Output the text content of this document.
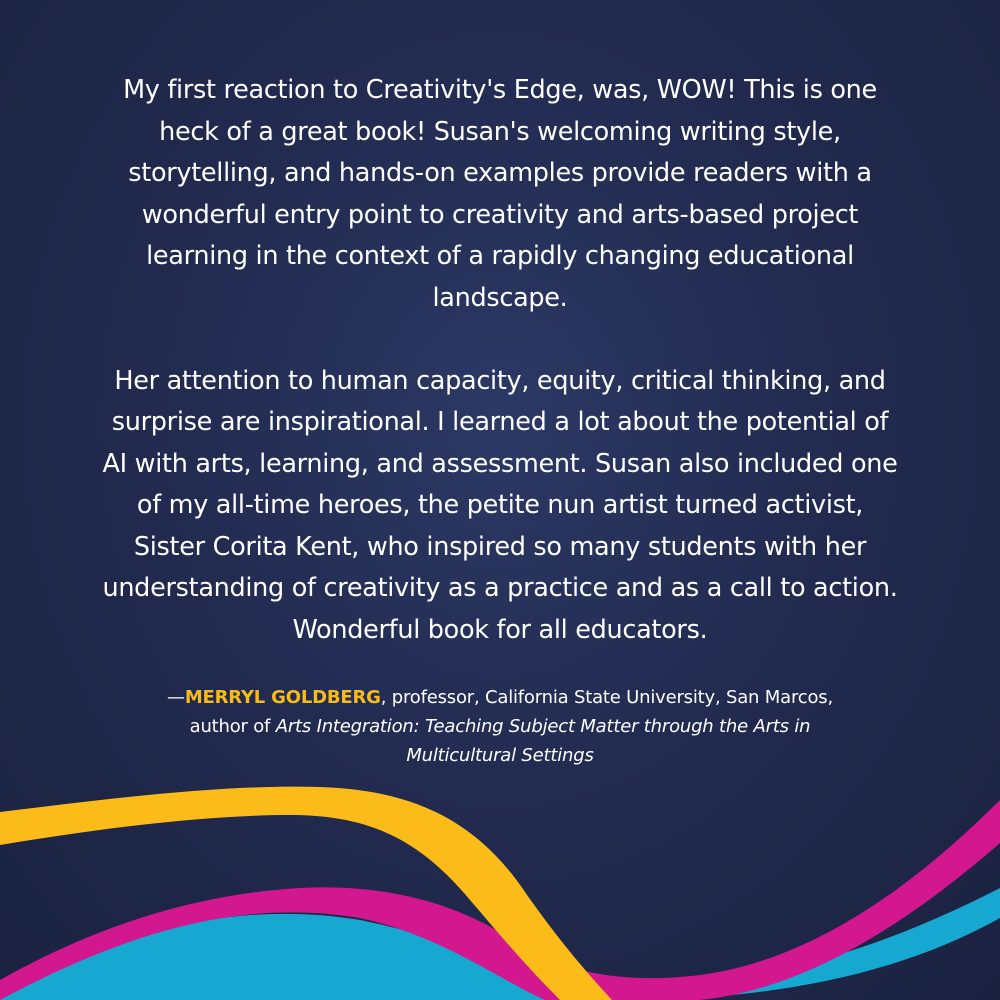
My first reaction to Creativity's Edge, was, WOW! This is one heck of a great book! Susan's welcoming writing style, storytelling, and hands-on examples provide readers with a wonderful entry point to creativity and arts-based project learning in the context of a rapidly changing educational landscape.

Her attention to human capacity, equity, critical thinking, and surprise are inspirational. I learned a lot about the potential of AI with arts, learning, and assessment. Susan also included one of my all-time heroes, the petite nun artist turned activist, Sister Corita Kent, who inspired so many students with her understanding of creativity as a practice and as a call to action. Wonderful book for all educators.

—MERRYL GOLDBERG, professor, California State University, San Marcos, author of Arts Integration: Teaching Subject Matter through the Arts in Multicultural Settings
